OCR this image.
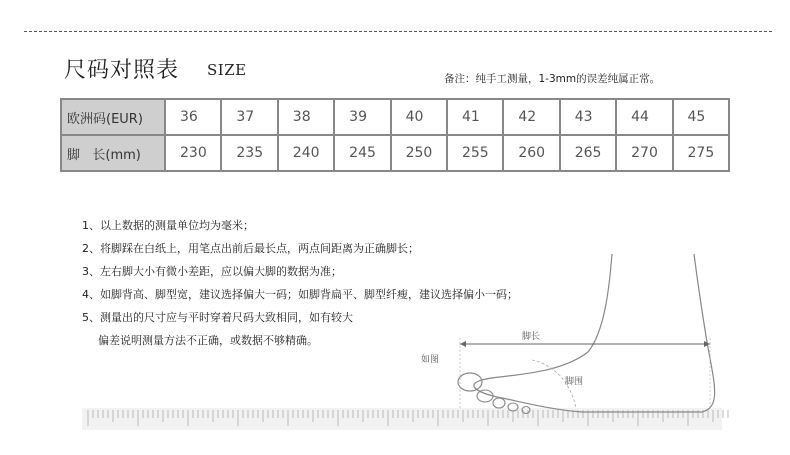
尺码对照表 SIZE	备注：纯手工测量，1-3mm的误差纯属正常。
欧洲码(EUR)	36	37	38	39	40	41	42	43	44	45
脚   长(mm)	230	235	240	245	250	255	260	265	270	275
脚长
如图
脚围
1、以上数据的测量单位均为毫米；
2、将脚踩在白纸上，用笔点出前后最长点，两点间距离为正确脚长；
3、左右脚大小有微小差距，应以偏大脚的数据为准；
4、如脚背高、脚型宽，建议选择偏大一码；如脚背扁平、脚型纤瘦，建议选择偏小一码；
5、测量出的尺寸应与平时穿着尺码大致相同，如有较大
偏差说明测量方法不正确，或数据不够精确。
